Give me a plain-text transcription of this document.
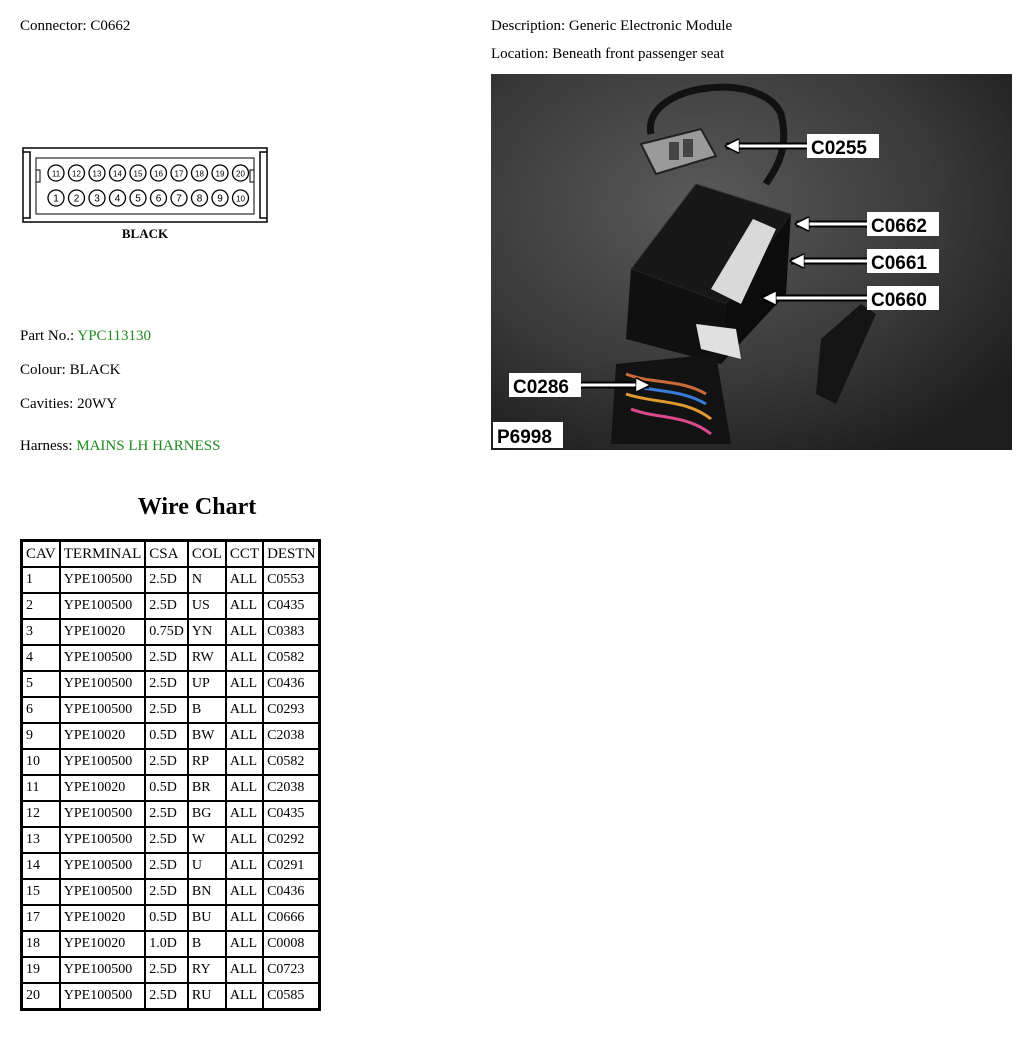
Connector: C0662	Description: Generic Electronic Module
Location: Beneath front passenger seat
11 12 13 14 15 16 17 18 19 20
1 2 3 4 5 6 7 8 9 10
BLACK
Part No.: YPC113130
Colour: BLACK
Cavities: 20WY
Harness: MAINS LH HARNESS
C0255
C0662
C0661
C0660
C0286
P6998
Wire Chart
CAV	TERMINAL	CSA	COL	CCT	DESTN
1	YPE100500	2.5D	N	ALL	C0553
2	YPE100500	2.5D	US	ALL	C0435
3	YPE10020	0.75D	YN	ALL	C0383
4	YPE100500	2.5D	RW	ALL	C0582
5	YPE100500	2.5D	UP	ALL	C0436
6	YPE100500	2.5D	B	ALL	C0293
9	YPE10020	0.5D	BW	ALL	C2038
10	YPE100500	2.5D	RP	ALL	C0582
11	YPE10020	0.5D	BR	ALL	C2038
12	YPE100500	2.5D	BG	ALL	C0435
13	YPE100500	2.5D	W	ALL	C0292
14	YPE100500	2.5D	U	ALL	C0291
15	YPE100500	2.5D	BN	ALL	C0436
17	YPE10020	0.5D	BU	ALL	C0666
18	YPE10020	1.0D	B	ALL	C0008
19	YPE100500	2.5D	RY	ALL	C0723
20	YPE100500	2.5D	RU	ALL	C0585
